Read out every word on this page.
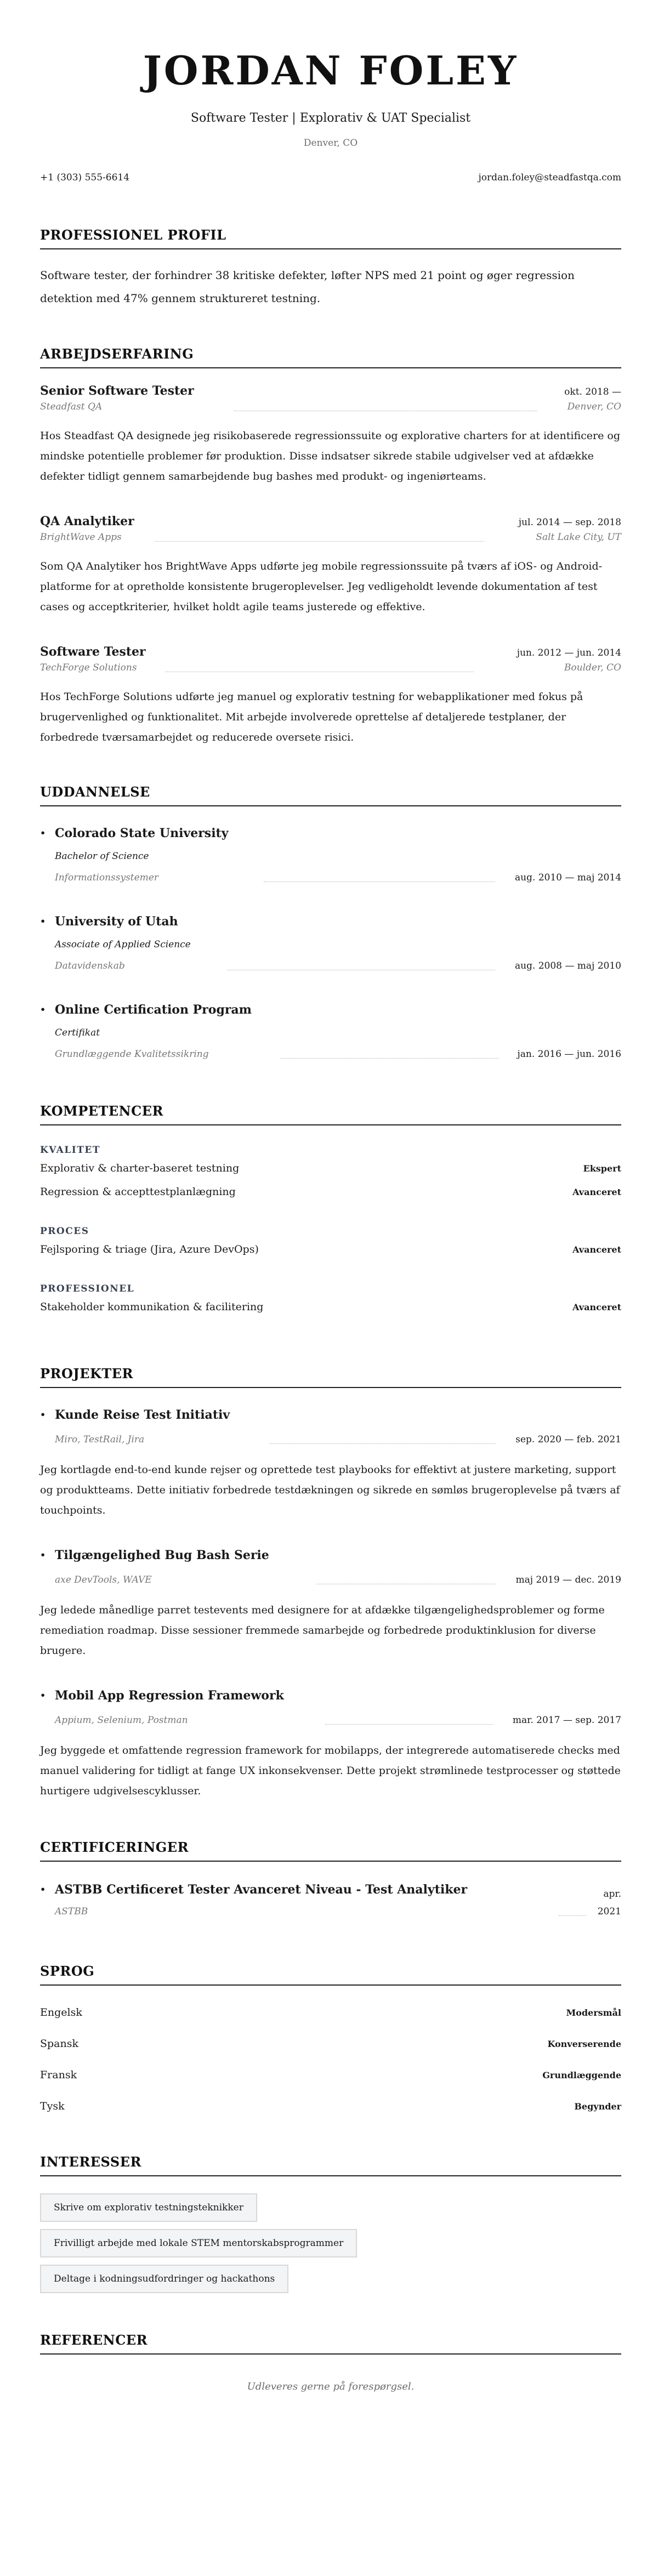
JORDAN FOLEY
Software Tester | Explorativ & UAT Specialist
Denver, CO
+1 (303) 555-6614	jordan.foley@steadfastqa.com
PROFESSIONEL PROFIL

Software tester, der forhindrer 38 kritiske defekter, løfter NPS med 21 point og øger regression detektion med 47% gennem struktureret testning.

ARBEJDSERFARING
Senior Software Tester	okt. 2018 —
Steadfast QA	Denver, CO

Hos Steadfast QA designede jeg risikobaserede regressionssuite og explorative charters for at identificere og mindske potentielle problemer før produktion. Disse indsatser sikrede stabile udgivelser ved at afdække defekter tidligt gennem samarbejdende bug bashes med produkt- og ingeniørteams.

QA Analytiker	jul. 2014 — sep. 2018
BrightWave Apps	Salt Lake City, UT

Som QA Analytiker hos BrightWave Apps udførte jeg mobile regressionssuite på tværs af iOS- og Android-platforme for at opretholde konsistente brugeroplevelser. Jeg vedligeholdt levende dokumentation af test cases og acceptkriterier, hvilket holdt agile teams justerede og effektive.

Software Tester	jun. 2012 — jun. 2014
TechForge Solutions	Boulder, CO

Hos TechForge Solutions udførte jeg manuel og explorativ testning for webapplikationer med fokus på brugervenlighed og funktionalitet. Mit arbejde involverede oprettelse af detaljerede testplaner, der forbedrede tværsamarbejdet og reducerede oversete risici.

UDDANNELSE
• Colorado State University
Bachelor of Science
Informationssystemer	aug. 2010 — maj 2014
• University of Utah
Associate of Applied Science
Datavidenskab	aug. 2008 — maj 2010
• Online Certification Program
Certifikat
Grundlæggende Kvalitetssikring	jan. 2016 — jun. 2016
KOMPETENCER
KVALITET
Explorativ & charter-baseret testning	Ekspert
Regression & accepttestplanlægning	Avanceret
PROCES
Fejlsporing & triage (Jira, Azure DevOps)	Avanceret
PROFESSIONEL
Stakeholder kommunikation & facilitering	Avanceret
PROJEKTER
• Kunde Reise Test Initiativ
Miro, TestRail, Jira	sep. 2020 — feb. 2021

Jeg kortlagde end-to-end kunde rejser og oprettede test playbooks for effektivt at justere marketing, support og produktteams. Dette initiativ forbedrede testdækningen og sikrede en sømløs brugeroplevelse på tværs af touchpoints.

• Tilgængelighed Bug Bash Serie
axe DevTools, WAVE	maj 2019 — dec. 2019

Jeg ledede månedlige parret testevents med designere for at afdække tilgængelighedsproblemer og forme remediation roadmap. Disse sessioner fremmede samarbejde og forbedrede produktinklusion for diverse brugere.

• Mobil App Regression Framework
Appium, Selenium, Postman	mar. 2017 — sep. 2017

Jeg byggede et omfattende regression framework for mobilapps, der integrerede automatiserede checks med manuel validering for tidligt at fange UX inkonsekvenser. Dette projekt strømlinede testprocesser og støttede hurtigere udgivelsescyklusser.

CERTIFICERINGER
• ASTBB Certificeret Tester Avanceret Niveau - Test Analytiker
ASTBB
apr. 2021
SPROG
Engelsk	Modersmål
Spansk	Konverserende
Fransk	Grundlæggende
Tysk	Begynder
INTERESSER
Skrive om explorativ testningsteknikker
Frivilligt arbejde med lokale STEM mentorskabsprogrammer
Deltage i kodningsudfordringer og hackathons
REFERENCER

Udleveres gerne på forespørgsel.
